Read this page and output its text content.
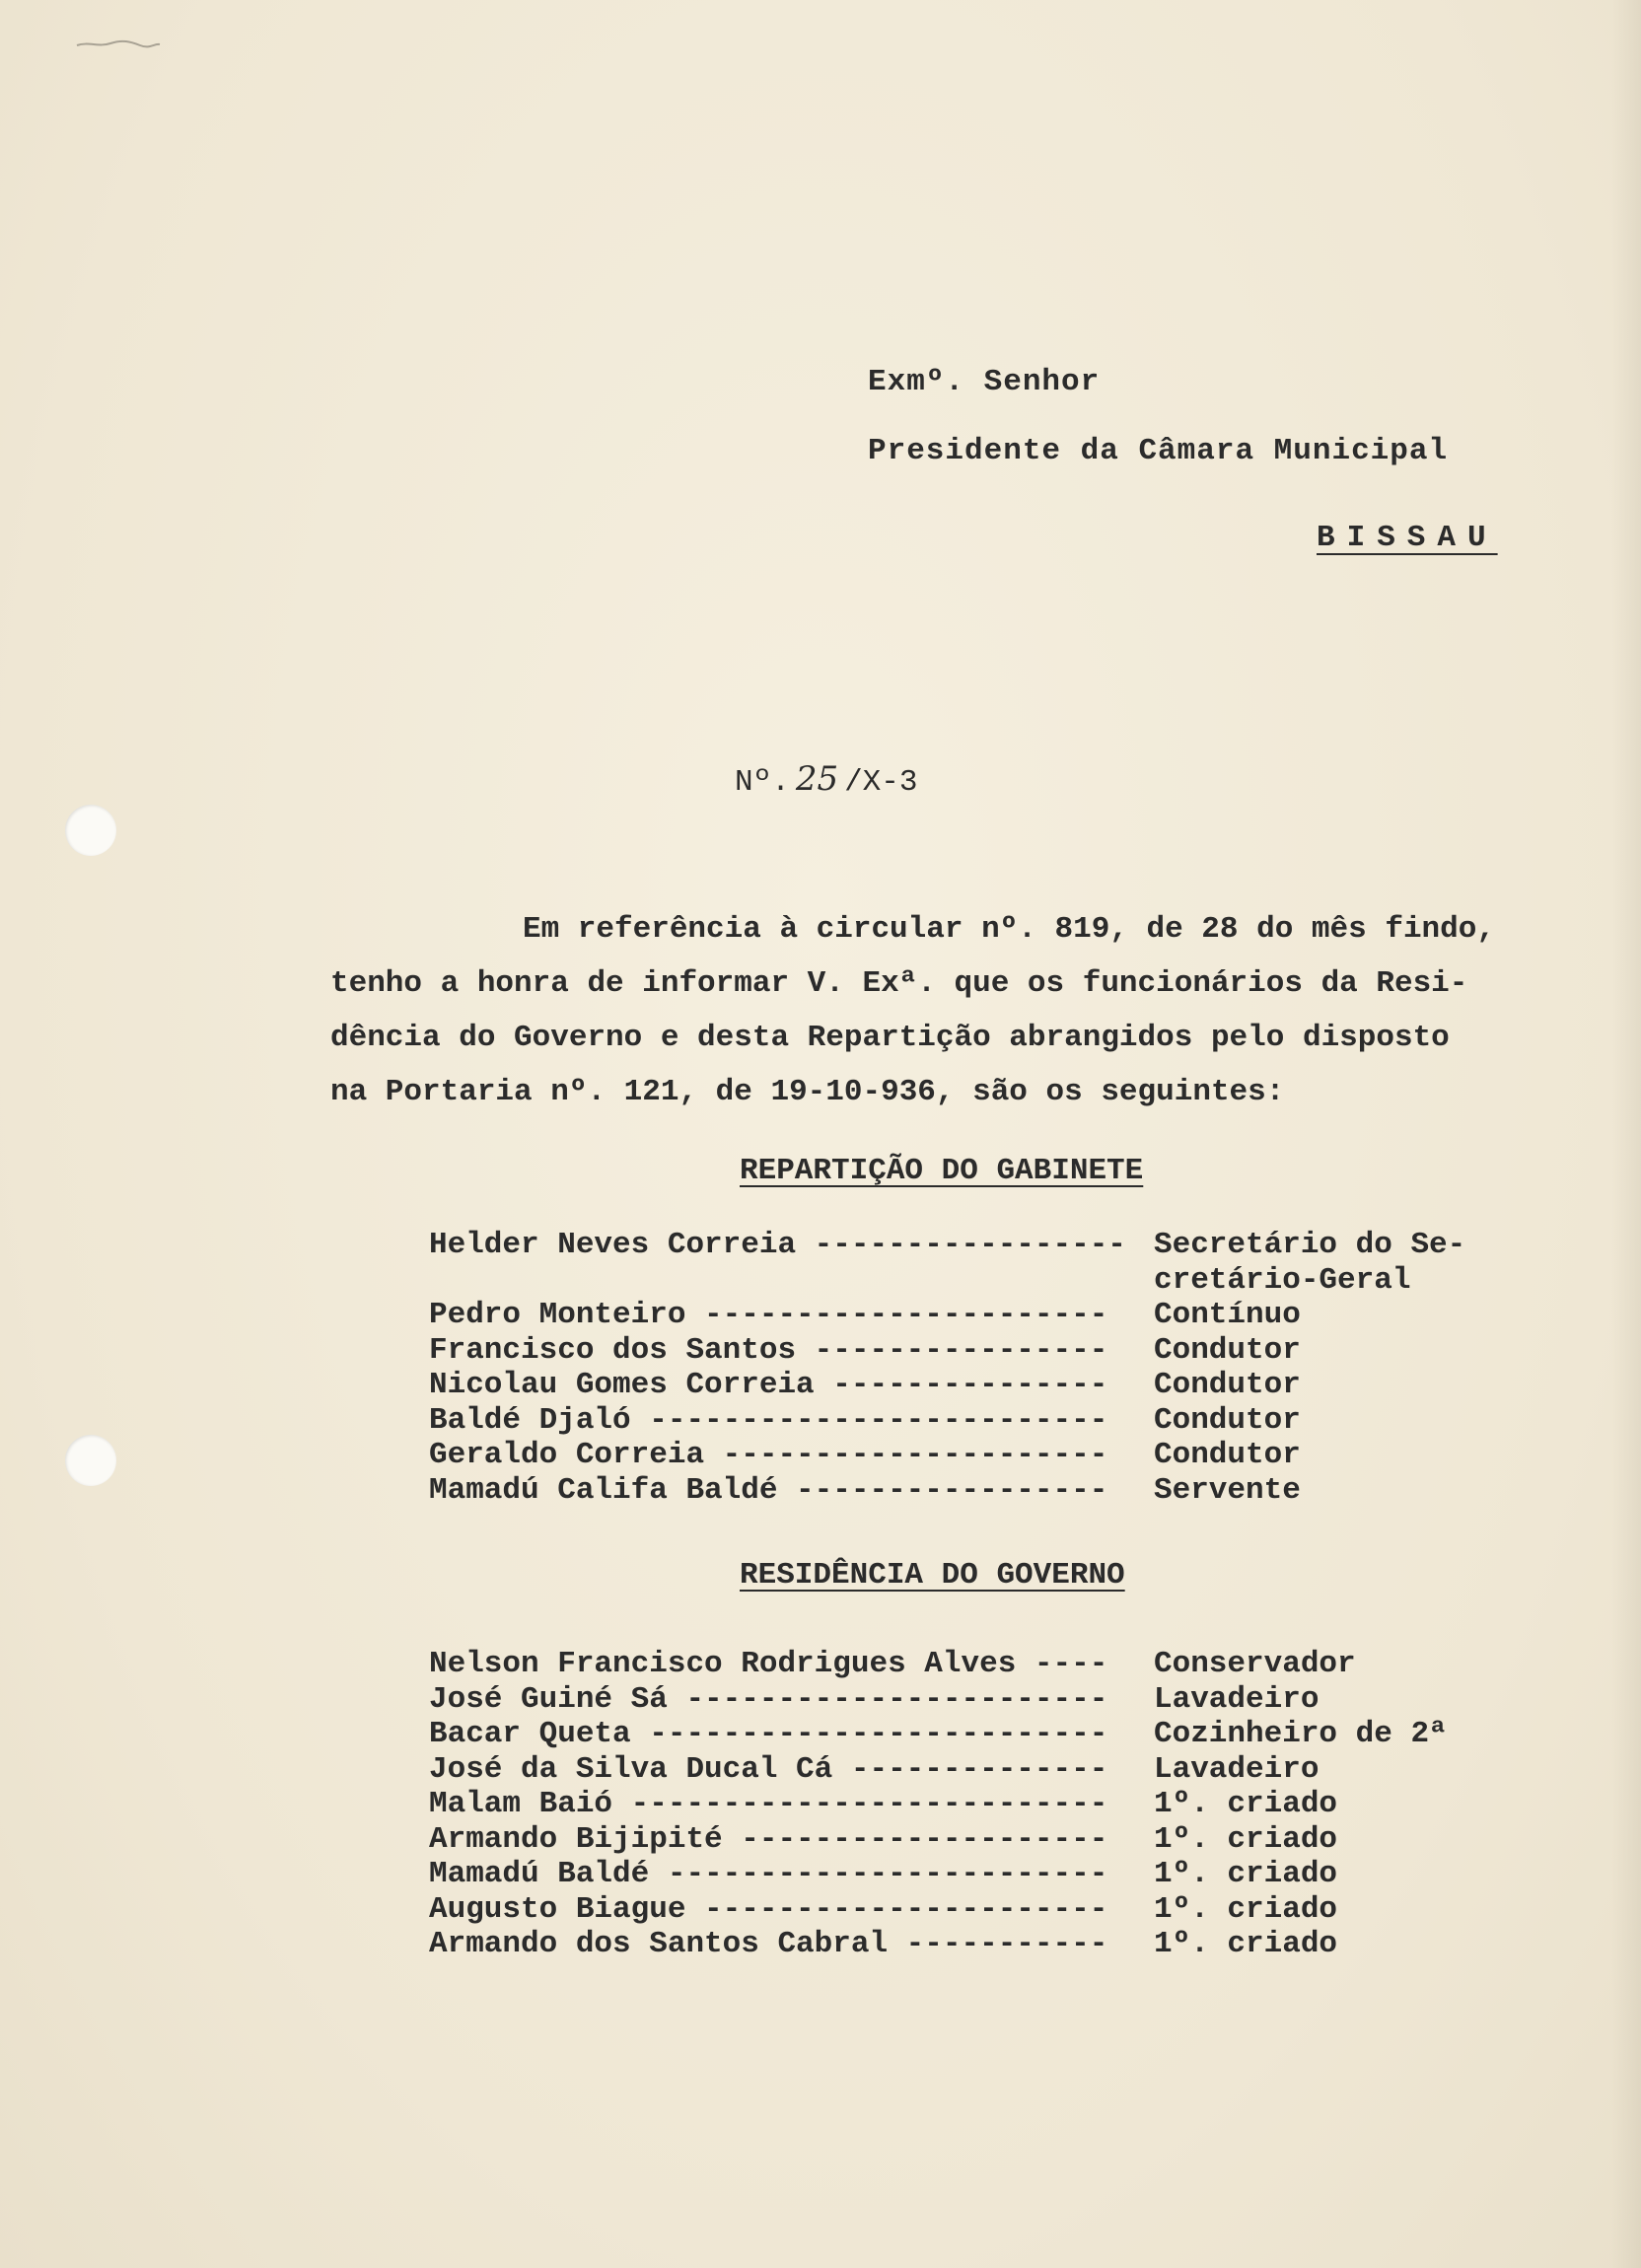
Exmº. Senhor
Presidente da Câmara Municipal
BISSAU
Nº. 25 /X-3
Em referência à circular nº. 819, de 28 do mês findo,
tenho a honra de informar V. Exª. que os funcionários da Resi-
dência do Governo e desta Repartição abrangidos pelo disposto
na Portaria nº. 121, de 19-10-936, são os seguintes:
REPARTIÇÃO DO GABINETE
Helder Neves Correia ----------------- Secretário do Se-
cretário-Geral
Pedro Monteiro ----------------------	Contínuo
Francisco dos Santos ----------------	Condutor
Nicolau Gomes Correia ---------------	Condutor
Baldé Djaló -------------------------	Condutor
Geraldo Correia ---------------------	Condutor
Mamadú Califa Baldé -----------------	Servente
RESIDÊNCIA DO GOVERNO
Nelson Francisco Rodrigues Alves ----	Conservador
José Guiné Sá -----------------------	Lavadeiro
Bacar Queta -------------------------	Cozinheiro de 2ª
José da Silva Ducal Cá --------------	Lavadeiro
Malam Baió --------------------------	1º. criado
Armando Bijipité --------------------	1º. criado
Mamadú Baldé ------------------------	1º. criado
Augusto Biague ----------------------	1º. criado
Armando dos Santos Cabral -----------	1º. criado
